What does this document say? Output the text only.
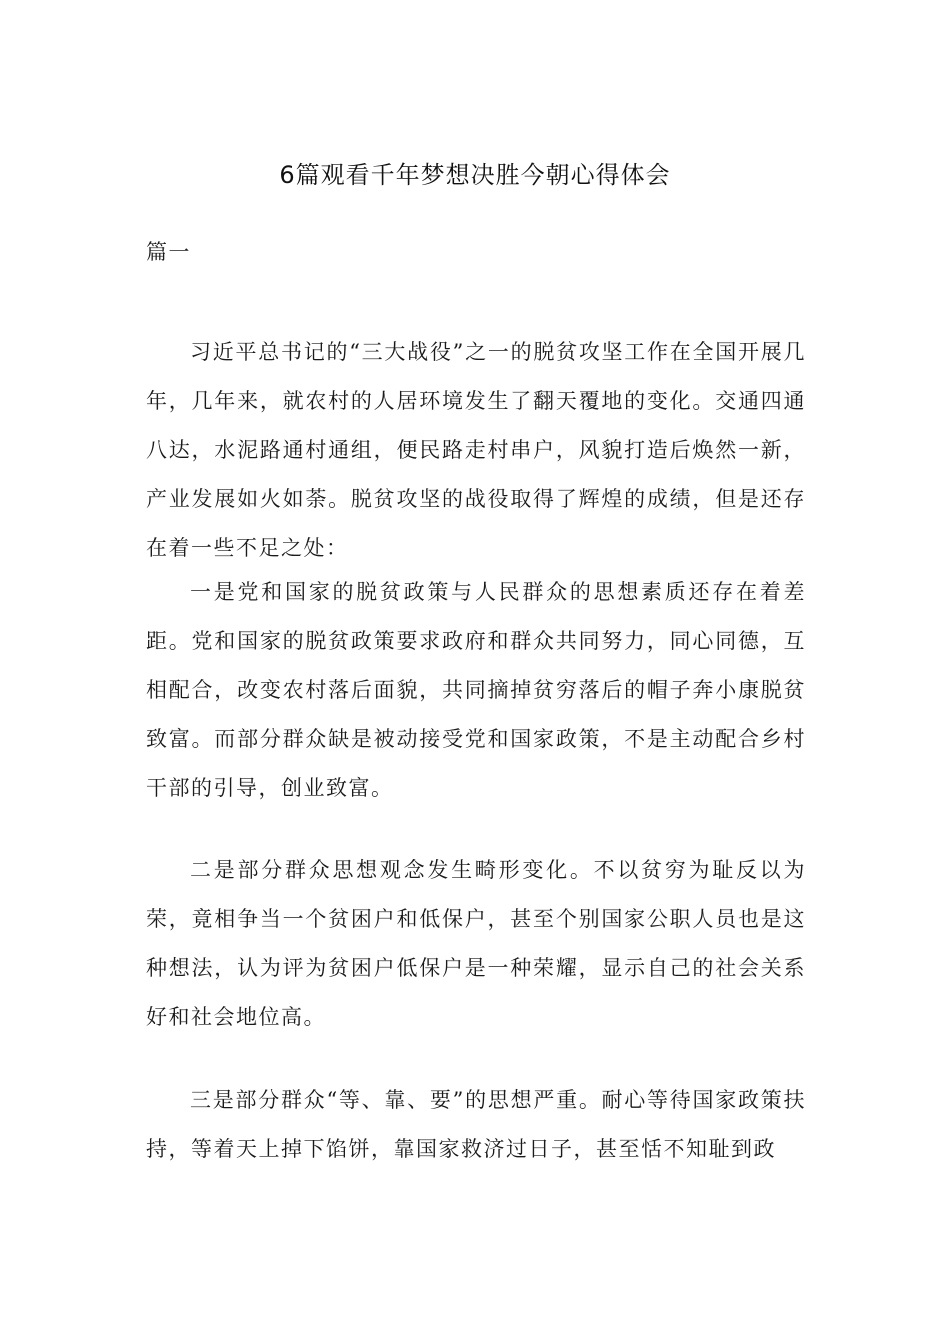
6篇观看千年梦想决胜今朝心得体会
篇一

习近平总书记的“三大战役”之一的脱贫攻坚工作在全国开展几年，几年来，就农村的人居环境发生了翻天覆地的变化。交通四通八达，水泥路通村通组，便民路走村串户，风貌打造后焕然一新，产业发展如火如荼。脱贫攻坚的战役取得了辉煌的成绩，但是还存在着一些不足之处：

一是党和国家的脱贫政策与人民群众的思想素质还存在着差距。党和国家的脱贫政策要求政府和群众共同努力，同心同德，互相配合，改变农村落后面貌，共同摘掉贫穷落后的帽子奔小康脱贫致富。而部分群众缺是被动接受党和国家政策，不是主动配合乡村干部的引导，创业致富。

二是部分群众思想观念发生畸形变化。不以贫穷为耻反以为荣，竟相争当一个贫困户和低保户，甚至个别国家公职人员也是这种想法，认为评为贫困户低保户是一种荣耀，显示自己的社会关系好和社会地位高。

三是部分群众“等、靠、要”的思想严重。耐心等待国家政策扶持，等着天上掉下馅饼，靠国家救济过日子，甚至恬不知耻到政
